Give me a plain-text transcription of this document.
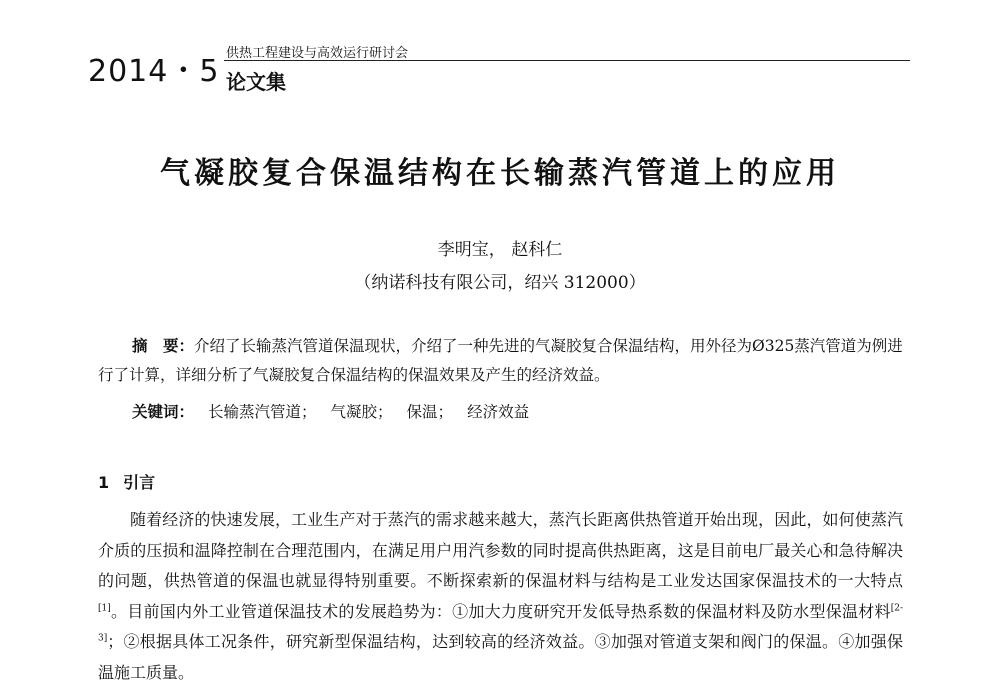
2014・5
供热工程建设与高效运行研讨会
论文集
气凝胶复合保温结构在长输蒸汽管道上的应用
李明宝， 赵科仁
（纳诺科技有限公司，绍兴 312000）
摘　要：介绍了长输蒸汽管道保温现状，介绍了一种先进的气凝胶复合保温结构，用外径为Ø325蒸汽管道为例进行了计算，详细分析了气凝胶复合保温结构的保温效果及产生的经济效益。
关键词： 长输蒸汽管道； 气凝胶； 保温； 经济效益
1 引言
随着经济的快速发展，工业生产对于蒸汽的需求越来越大，蒸汽长距离供热管道开始出现，因此，如何使蒸汽介质的压损和温降控制在合理范围内，在满足用户用汽参数的同时提高供热距离，这是目前电厂最关心和急待解决的问题，供热管道的保温也就显得特别重要。不断探索新的保温材料与结构是工业发达国家保温技术的一大特点[1]。目前国内外工业管道保温技术的发展趋势为：①加大力度研究开发低导热系数的保温材料及防水型保温材料[2-3]；②根据具体工况条件，研究新型保温结构，达到较高的经济效益。③加强对管道支架和阀门的保温。④加强保温施工质量。
